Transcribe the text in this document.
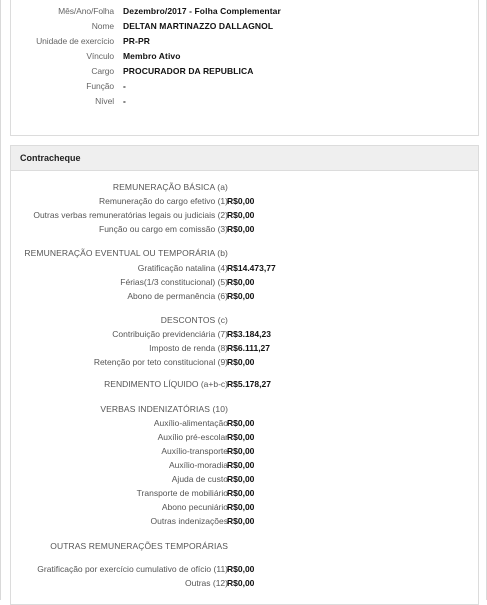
Mês/Ano/Folha Dezembro/2017 - Folha Complementar
Nome DELTAN MARTINAZZO DALLAGNOL
Unidade de exercício PR-PR
Vínculo Membro Ativo
Cargo PROCURADOR DA REPUBLICA
Função -
Nível -
Contracheque
REMUNERAÇÃO BÁSICA (a)
Remuneração do cargo efetivo (1) R$0,00
Outras verbas remuneratórias legais ou judiciais (2) R$0,00
Função ou cargo em comissão (3) R$0,00
REMUNERAÇÃO EVENTUAL OU TEMPORÁRIA (b)
Gratificação natalina (4) R$14.473,77
Férias(1/3 constitucional) (5) R$0,00
Abono de permanência (6) R$0,00
DESCONTOS (c)
Contribuição previdenciária (7) R$3.184,23
Imposto de renda (8) R$6.111,27
Retenção por teto constitucional (9) R$0,00
RENDIMENTO LÍQUIDO (a+b-c) R$5.178,27
VERBAS INDENIZATÓRIAS (10)
Auxílio-alimentação R$0,00
Auxílio pré-escolar R$0,00
Auxílio-transporte R$0,00
Auxílio-moradia R$0,00
Ajuda de custo R$0,00
Transporte de mobiliário R$0,00
Abono pecuniário R$0,00
Outras indenizações R$0,00
OUTRAS REMUNERAÇÕES TEMPORÁRIAS
Gratificação por exercício cumulativo de ofício (11) R$0,00
Outras (12) R$0,00
